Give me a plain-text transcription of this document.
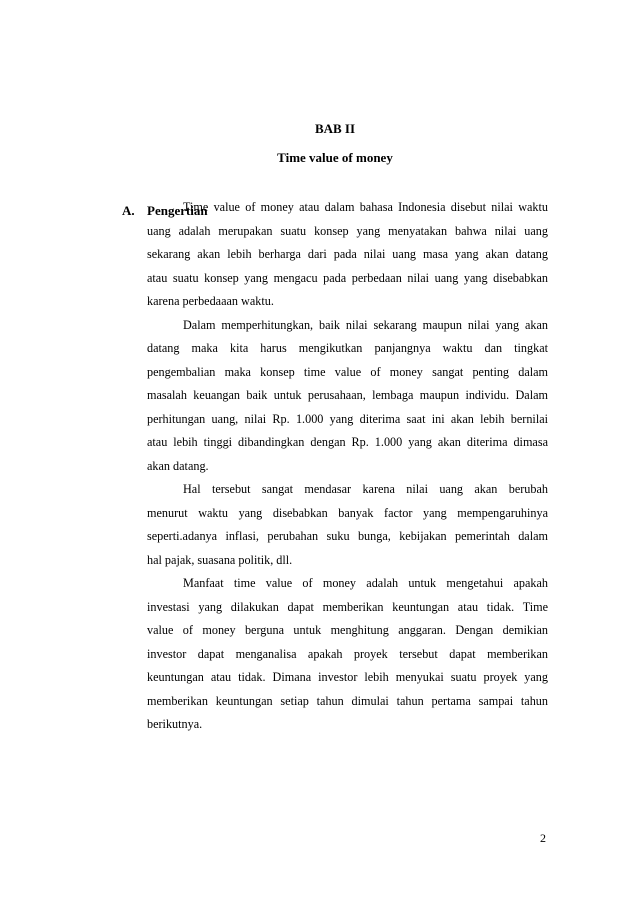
BAB II
Time value of money
A. Pengertian
Time value of money atau dalam bahasa Indonesia disebut nilai waktu
uang adalah merupakan suatu konsep yang menyatakan bahwa nilai uang
sekarang akan lebih berharga dari pada nilai uang masa yang akan datang
atau suatu konsep yang mengacu pada perbedaan nilai uang yang disebabkan
karena perbedaaan waktu.
Dalam memperhitungkan, baik nilai sekarang maupun nilai yang akan
datang maka kita harus mengikutkan panjangnya waktu dan tingkat
pengembalian maka konsep time value of money sangat penting dalam
masalah keuangan baik untuk perusahaan, lembaga maupun individu. Dalam
perhitungan uang, nilai Rp. 1.000 yang diterima saat ini akan lebih bernilai
atau lebih tinggi dibandingkan dengan Rp. 1.000 yang akan diterima dimasa
akan datang.
Hal tersebut sangat mendasar karena nilai uang akan berubah
menurut waktu yang disebabkan banyak factor yang mempengaruhinya
seperti.adanya inflasi, perubahan suku bunga, kebijakan pemerintah dalam
hal pajak, suasana politik, dll.
Manfaat time value of money adalah untuk mengetahui apakah
investasi yang dilakukan dapat memberikan keuntungan atau tidak. Time
value of money berguna untuk menghitung anggaran. Dengan demikian
investor dapat menganalisa apakah proyek tersebut dapat memberikan
keuntungan atau tidak. Dimana investor lebih menyukai suatu proyek yang
memberikan keuntungan setiap tahun dimulai tahun pertama sampai tahun
berikutnya.
2
